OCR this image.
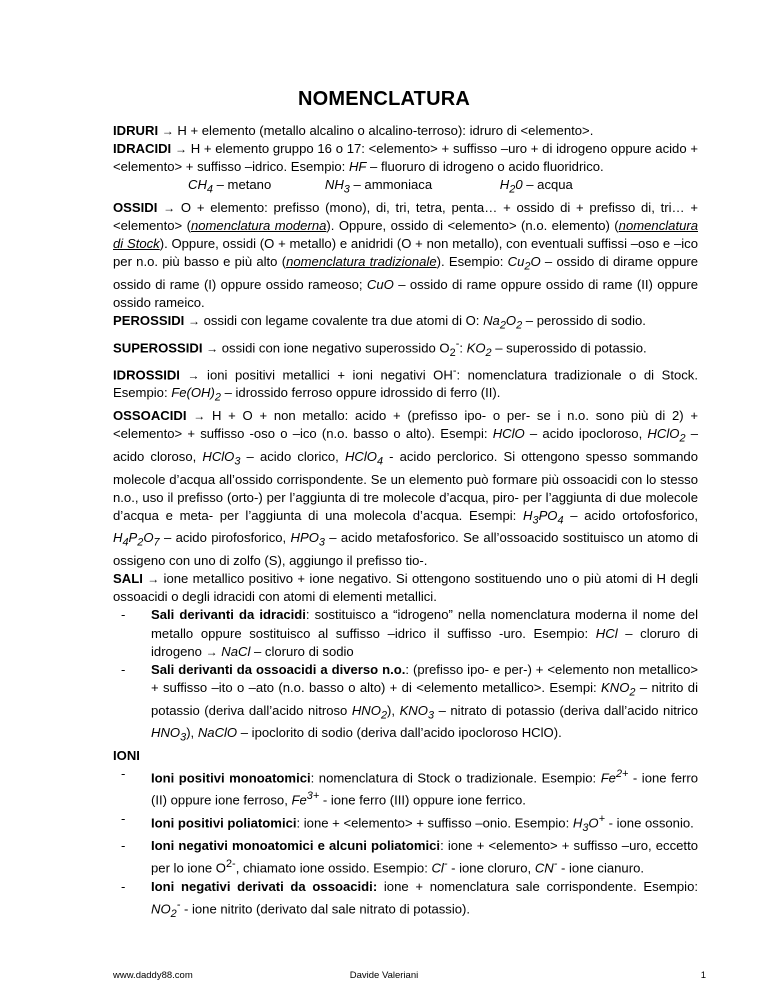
NOMENCLATURA

IDRURI → H + elemento (metallo alcalino o alcalino-terroso): idruro di <elemento>.

IDRACIDI → H + elemento gruppo 16 o 17: <elemento> + suffisso –uro + di idrogeno oppure acido + <elemento> + suffisso –idrico. Esempio: HF – fluoruro di idrogeno o acido fluoridrico.

$CH_4$ – metano	$NH_3$ – ammoniaca	$H_20$ – acqua

OSSIDI → O + elemento: prefisso (mono), di, tri, tetra, penta… + ossido di + prefisso di, tri… + <elemento> (nomenclatura moderna). Oppure, ossido di <elemento> (n.o. elemento) (nomenclatura di Stock). Oppure, ossidi (O + metallo) e anidridi (O + non metallo), con eventuali suffissi –oso e –ico per n.o. più basso e più alto (nomenclatura tradizionale). Esempio: $Cu_2O$ – ossido di dirame oppure ossido di rame (I) oppure ossido rameoso; CuO – ossido di rame oppure ossido di rame (II) oppure ossido rameico.

PEROSSIDI → ossidi con legame covalente tra due atomi di O: $Na_2O_2$ – perossido di sodio.

SUPEROSSIDI → ossidi con ione negativo superossido $O_2^-$: $KO_2$ – superossido di potassio.

IDROSSIDI → ioni positivi metallici + ioni negativi OH-: nomenclatura tradizionale o di Stock. Esempio: $Fe(OH)_2$ – idrossido ferroso oppure idrossido di ferro (II).

OSSOACIDI → H + O + non metallo: acido + (prefisso ipo- o per- se i n.o. sono più di 2) + <elemento> + suffisso -oso o –ico (n.o. basso o alto). Esempi: HClO – acido ipocloroso, HClO$_2$ – acido cloroso, HClO$_3$ – acido clorico, HClO$_4$ - acido perclorico. Si ottengono spesso sommando molecole d’acqua all’ossido corrispondente. Se un elemento può formare più ossoacidi con lo stesso n.o., uso il prefisso (orto-) per l’aggiunta di tre molecole d’acqua, piro- per l’aggiunta di due molecole d’acqua e meta- per l’aggiunta di una molecola d’acqua. Esempi: $H_3PO_4$ – acido ortofosforico, $H_4P_2O_7$ – acido pirofosforico, $HPO_3$ – acido metafosforico. Se all’ossoacido sostituisco un atomo di ossigeno con uno di zolfo (S), aggiungo il prefisso tio-.

SALI → ione metallico positivo + ione negativo. Si ottengono sostituendo uno o più atomi di H degli ossoacidi o degli idracidi con atomi di elementi metallici.

- Sali derivanti da idracidi: sostituisco a “idrogeno” nella nomenclatura moderna il nome del metallo oppure sostituisco al suffisso –idrico il suffisso -uro. Esempio: HCl – cloruro di idrogeno → NaCl – cloruro di sodio
- Sali derivanti da ossoacidi a diverso n.o.: (prefisso ipo- e per-) + <elemento non metallico> + suffisso –ito o –ato (n.o. basso o alto) + di <elemento metallico>. Esempi: $KNO_2$ – nitrito di potassio (deriva dall’acido nitroso $HNO_2$), $KNO_3$ – nitrato di potassio (deriva dall’acido nitrico $HNO_3$), NaClO – ipoclorito di sodio (deriva dall’acido ipocloroso HClO).

IONI

- Ioni positivi monoatomici: nomenclatura di Stock o tradizionale. Esempio: $Fe^{2+}$ - ione ferro (II) oppure ione ferroso, $Fe^{3+}$ - ione ferro (III) oppure ione ferrico.
- Ioni positivi poliatomici: ione + <elemento> + suffisso –onio. Esempio: $H_3O^+$ - ione ossonio.
- Ioni negativi monoatomici e alcuni poliatomici: ione + <elemento> + suffisso –uro, eccetto per lo ione $O^{2-}$, chiamato ione ossido. Esempio: Cl- - ione cloruro, CN- - ione cianuro.
- Ioni negativi derivati da ossoacidi: ione + nomenclatura sale corrispondente. Esempio: $NO_2^-$ - ione nitrito (derivato dal sale nitrato di potassio).
www.daddy88.com	Davide Valeriani	1
